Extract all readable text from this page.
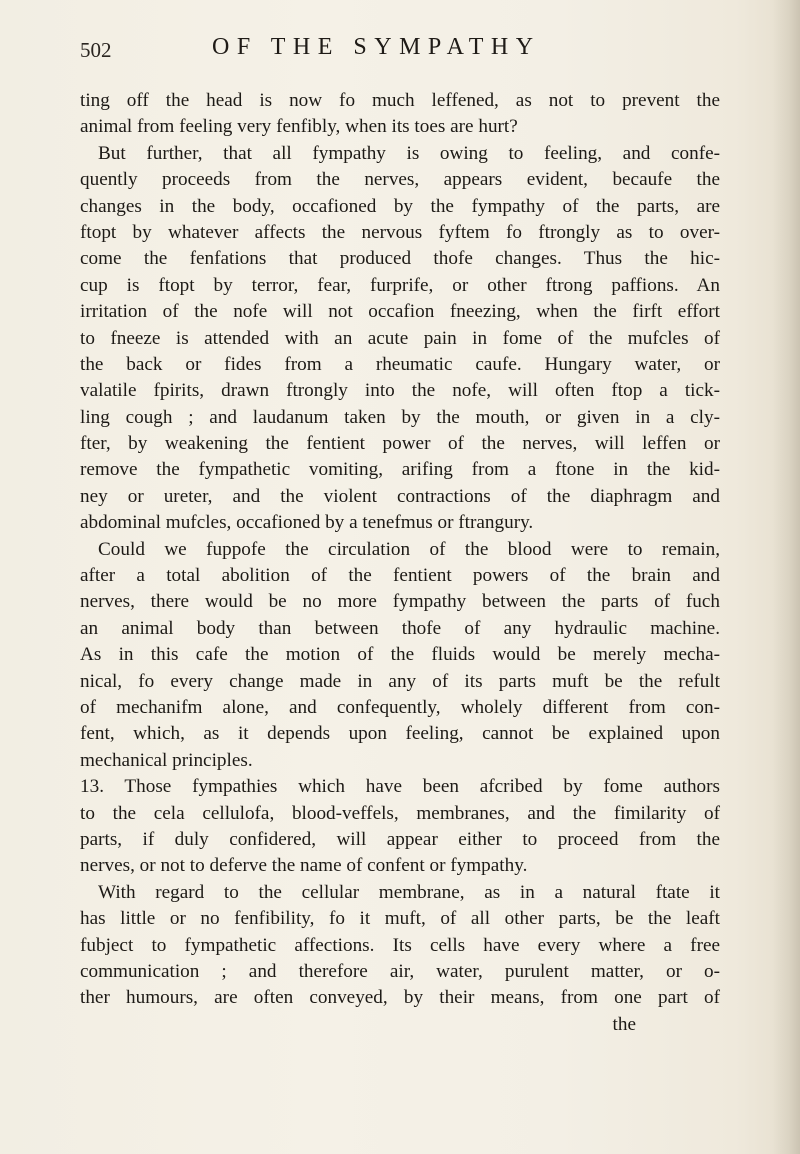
502	OF THE SYMPATHY
ting off the head is now fo much leffened, as not to prevent the
animal from feeling very fenfibly, when its toes are hurt?
But further, that all fympathy is owing to feeling, and confe-
quently proceeds from the nerves, appears evident, becaufe the
changes in the body, occafioned by the fympathy of the parts, are
ftopt by whatever affects the nervous fyftem fo ftrongly as to over-
come the fenfations that produced thofe changes. Thus the hic-
cup is ftopt by terror, fear, furprife, or other ftrong paffions. An
irritation of the nofe will not occafion fneezing, when the firft effort
to fneeze is attended with an acute pain in fome of the mufcles of
the back or fides from a rheumatic caufe. Hungary water, or
valatile fpirits, drawn ftrongly into the nofe, will often ftop a tick-
ling cough ; and laudanum taken by the mouth, or given in a cly-
fter, by weakening the fentient power of the nerves, will leffen or
remove the fympathetic vomiting, arifing from a ftone in the kid-
ney or ureter, and the violent contractions of the diaphragm and
abdominal mufcles, occafioned by a tenefmus or ftrangury.
Could we fuppofe the circulation of the blood were to remain,
after a total abolition of the fentient powers of the brain and
nerves, there would be no more fympathy between the parts of fuch
an animal body than between thofe of any hydraulic machine.
As in this cafe the motion of the fluids would be merely mecha-
nical, fo every change made in any of its parts muft be the refult
of mechanifm alone, and confequently, wholely different from con-
fent, which, as it depends upon feeling, cannot be explained upon
mechanical principles.
13. Those fympathies which have been afcribed by fome authors
to the cela cellulofa, blood-veffels, membranes, and the fimilarity of
parts, if duly confidered, will appear either to proceed from the
nerves, or not to deferve the name of confent or fympathy.
With regard to the cellular membrane, as in a natural ftate it
has little or no fenfibility, fo it muft, of all other parts, be the leaft
fubject to fympathetic affections. Its cells have every where a free
communication ; and therefore air, water, purulent matter, or o-
ther humours, are often conveyed, by their means, from one part of
the
